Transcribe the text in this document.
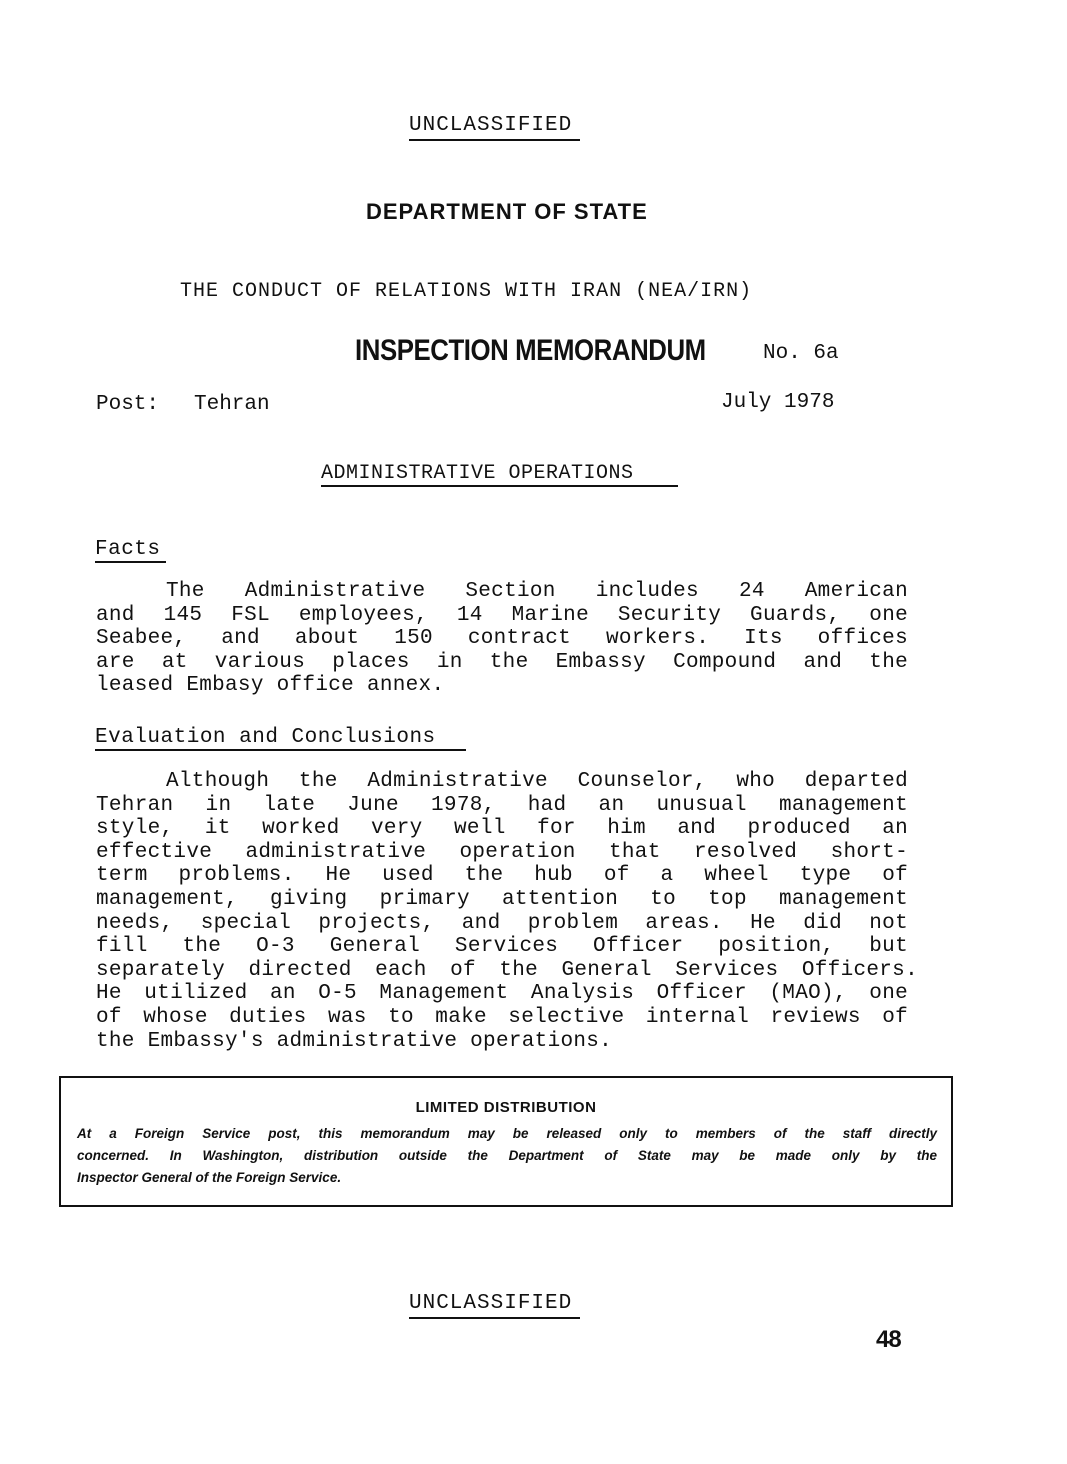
UNCLASSIFIED
DEPARTMENT OF STATE
THE CONDUCT OF RELATIONS WITH IRAN (NEA/IRN)
INSPECTION MEMORANDUM	No. 6a
Post: Tehran	July 1978
ADMINISTRATIVE OPERATIONS
Facts
The Administrative Section includes 24 American
and 145 FSL employees, 14 Marine Security Guards, one
Seabee, and about 150 contract workers. Its offices
are at various places in the Embassy Compound and the
leased Embasy office annex.
Evaluation and Conclusions
Although the Administrative Counselor, who departed
Tehran in late June 1978, had an unusual management
style, it worked very well for him and produced an
effective administrative operation that resolved short-
term problems. He used the hub of a wheel type of
management, giving primary attention to top management
needs, special projects, and problem areas. He did not
fill the O-3 General Services Officer position, but
separately directed each of the General Services Officers.
He utilized an O-5 Management Analysis Officer (MAO), one
of whose duties was to make selective internal reviews of
the Embassy's administrative operations.
LIMITED DISTRIBUTION
At a Foreign Service post, this memorandum may be released only to members of the staff directly
concerned. In Washington, distribution outside the Department of State may be made only by the
Inspector General of the Foreign Service.
UNCLASSIFIED
48
